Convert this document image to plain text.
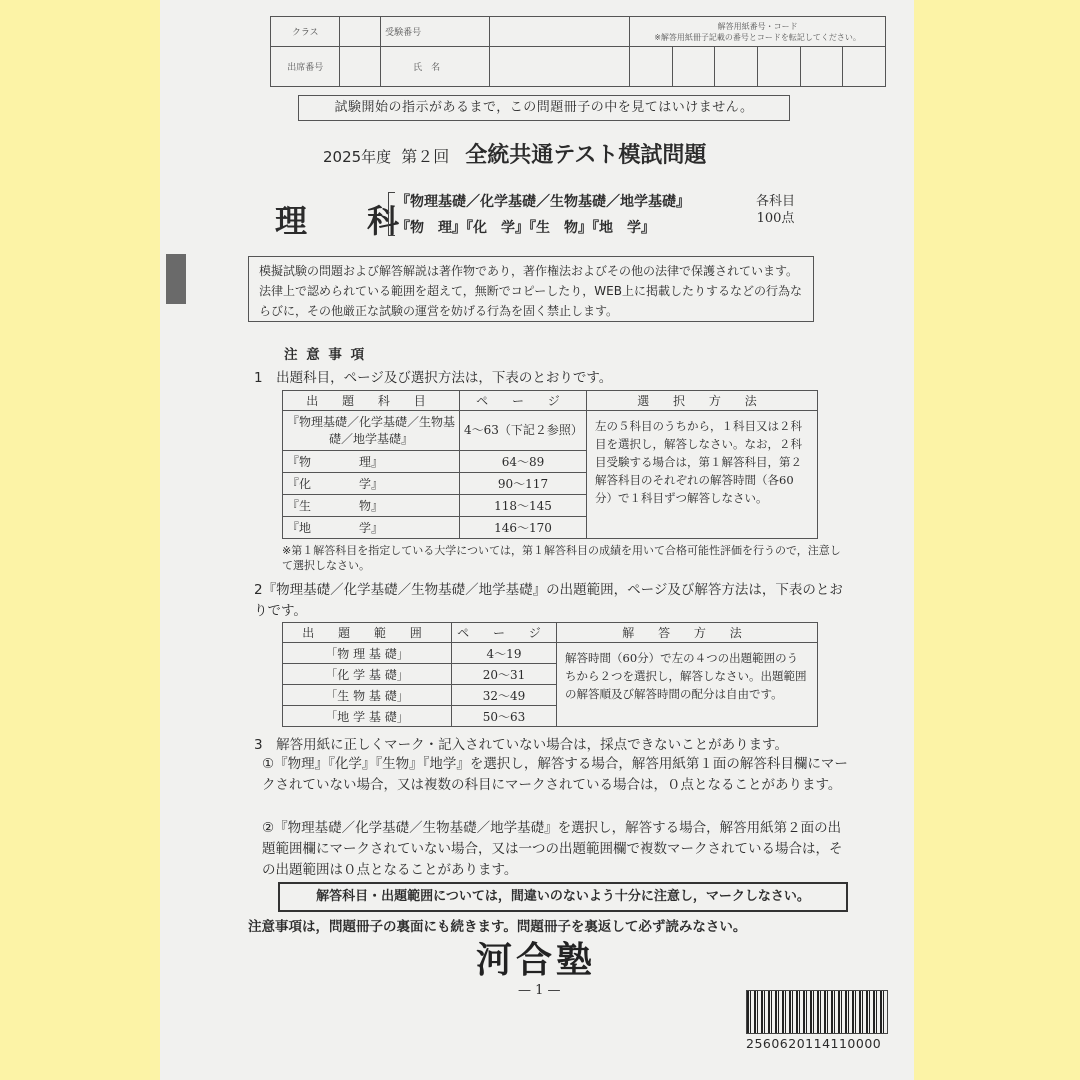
クラス		受験番号		解答用紙番号・コード
※解答用紙冊子記載の番号とコードを転記してください。					

出席番号		氏　名							
試験開始の指示があるまで，この問題冊子の中を見てはいけません。
2025年度 第２回 全統共通テスト模試問題
理　科
『物理基礎／化学基礎／生物基礎／地学基礎』
『物　理』『化　学』『生　物』『地　学』
各科目
100点
模擬試験の問題および解答解説は著作物であり，著作権法およびその他の法律で保護されています。法律上で認められている範囲を超えて，無断でコピーしたり，WEB上に掲載したりするなどの行為ならびに，その他厳正な試験の運営を妨げる行為を固く禁止します。
注 意 事 項
1　出題科目，ページ及び選択方法は，下表のとおりです。
出 題 科 目	ペ ー ジ	選 択 方 法
『物理基礎／化学基礎／生物基礎／地学基礎』	4～63（下記２参照）	左の５科目のうちから，１科目又は２科目を選択し，解答しなさい。なお，２科目受験する場合は，第１解答科目，第２解答科目のそれぞれの解答時間（各60分）で１科目ずつ解答しなさい。
『物　　　　理』	64～89	
『化　　　　学』	90～117	
『生　　　　物』	118～145	
『地　　　　学』	146～170	
※第１解答科目を指定している大学については，第１解答科目の成績を用いて合格可能性評価を行うので，注意して選択しなさい。
2『物理基礎／化学基礎／生物基礎／地学基礎』の出題範囲，ページ及び解答方法は，下表のとおりです。
出 題 範 囲	ペ ー ジ	解 答 方 法
「物 理 基 礎」	4～19	解答時間（60分）で左の４つの出題範囲のうちから２つを選択し，解答しなさい。出題範囲の解答順及び解答時間の配分は自由です。
「化 学 基 礎」	20～31	
「生 物 基 礎」	32～49	
「地 学 基 礎」	50～63	
3　解答用紙に正しくマーク・記入されていない場合は，採点できないことがあります。
①『物理』『化学』『生物』『地学』を選択し，解答する場合，解答用紙第１面の解答科目欄にマークされていない場合，又は複数の科目にマークされている場合は，０点となることがあります。
②『物理基礎／化学基礎／生物基礎／地学基礎』を選択し，解答する場合，解答用紙第２面の出題範囲欄にマークされていない場合，又は一つの出題範囲欄で複数マークされている場合は，その出題範囲は０点となることがあります。
解答科目・出題範囲については，間違いのないよう十分に注意し，マークしなさい。
注意事項は，問題冊子の裏面にも続きます。問題冊子を裏返して必ず読みなさい。
河合塾
— 1 —
2560620114110000
